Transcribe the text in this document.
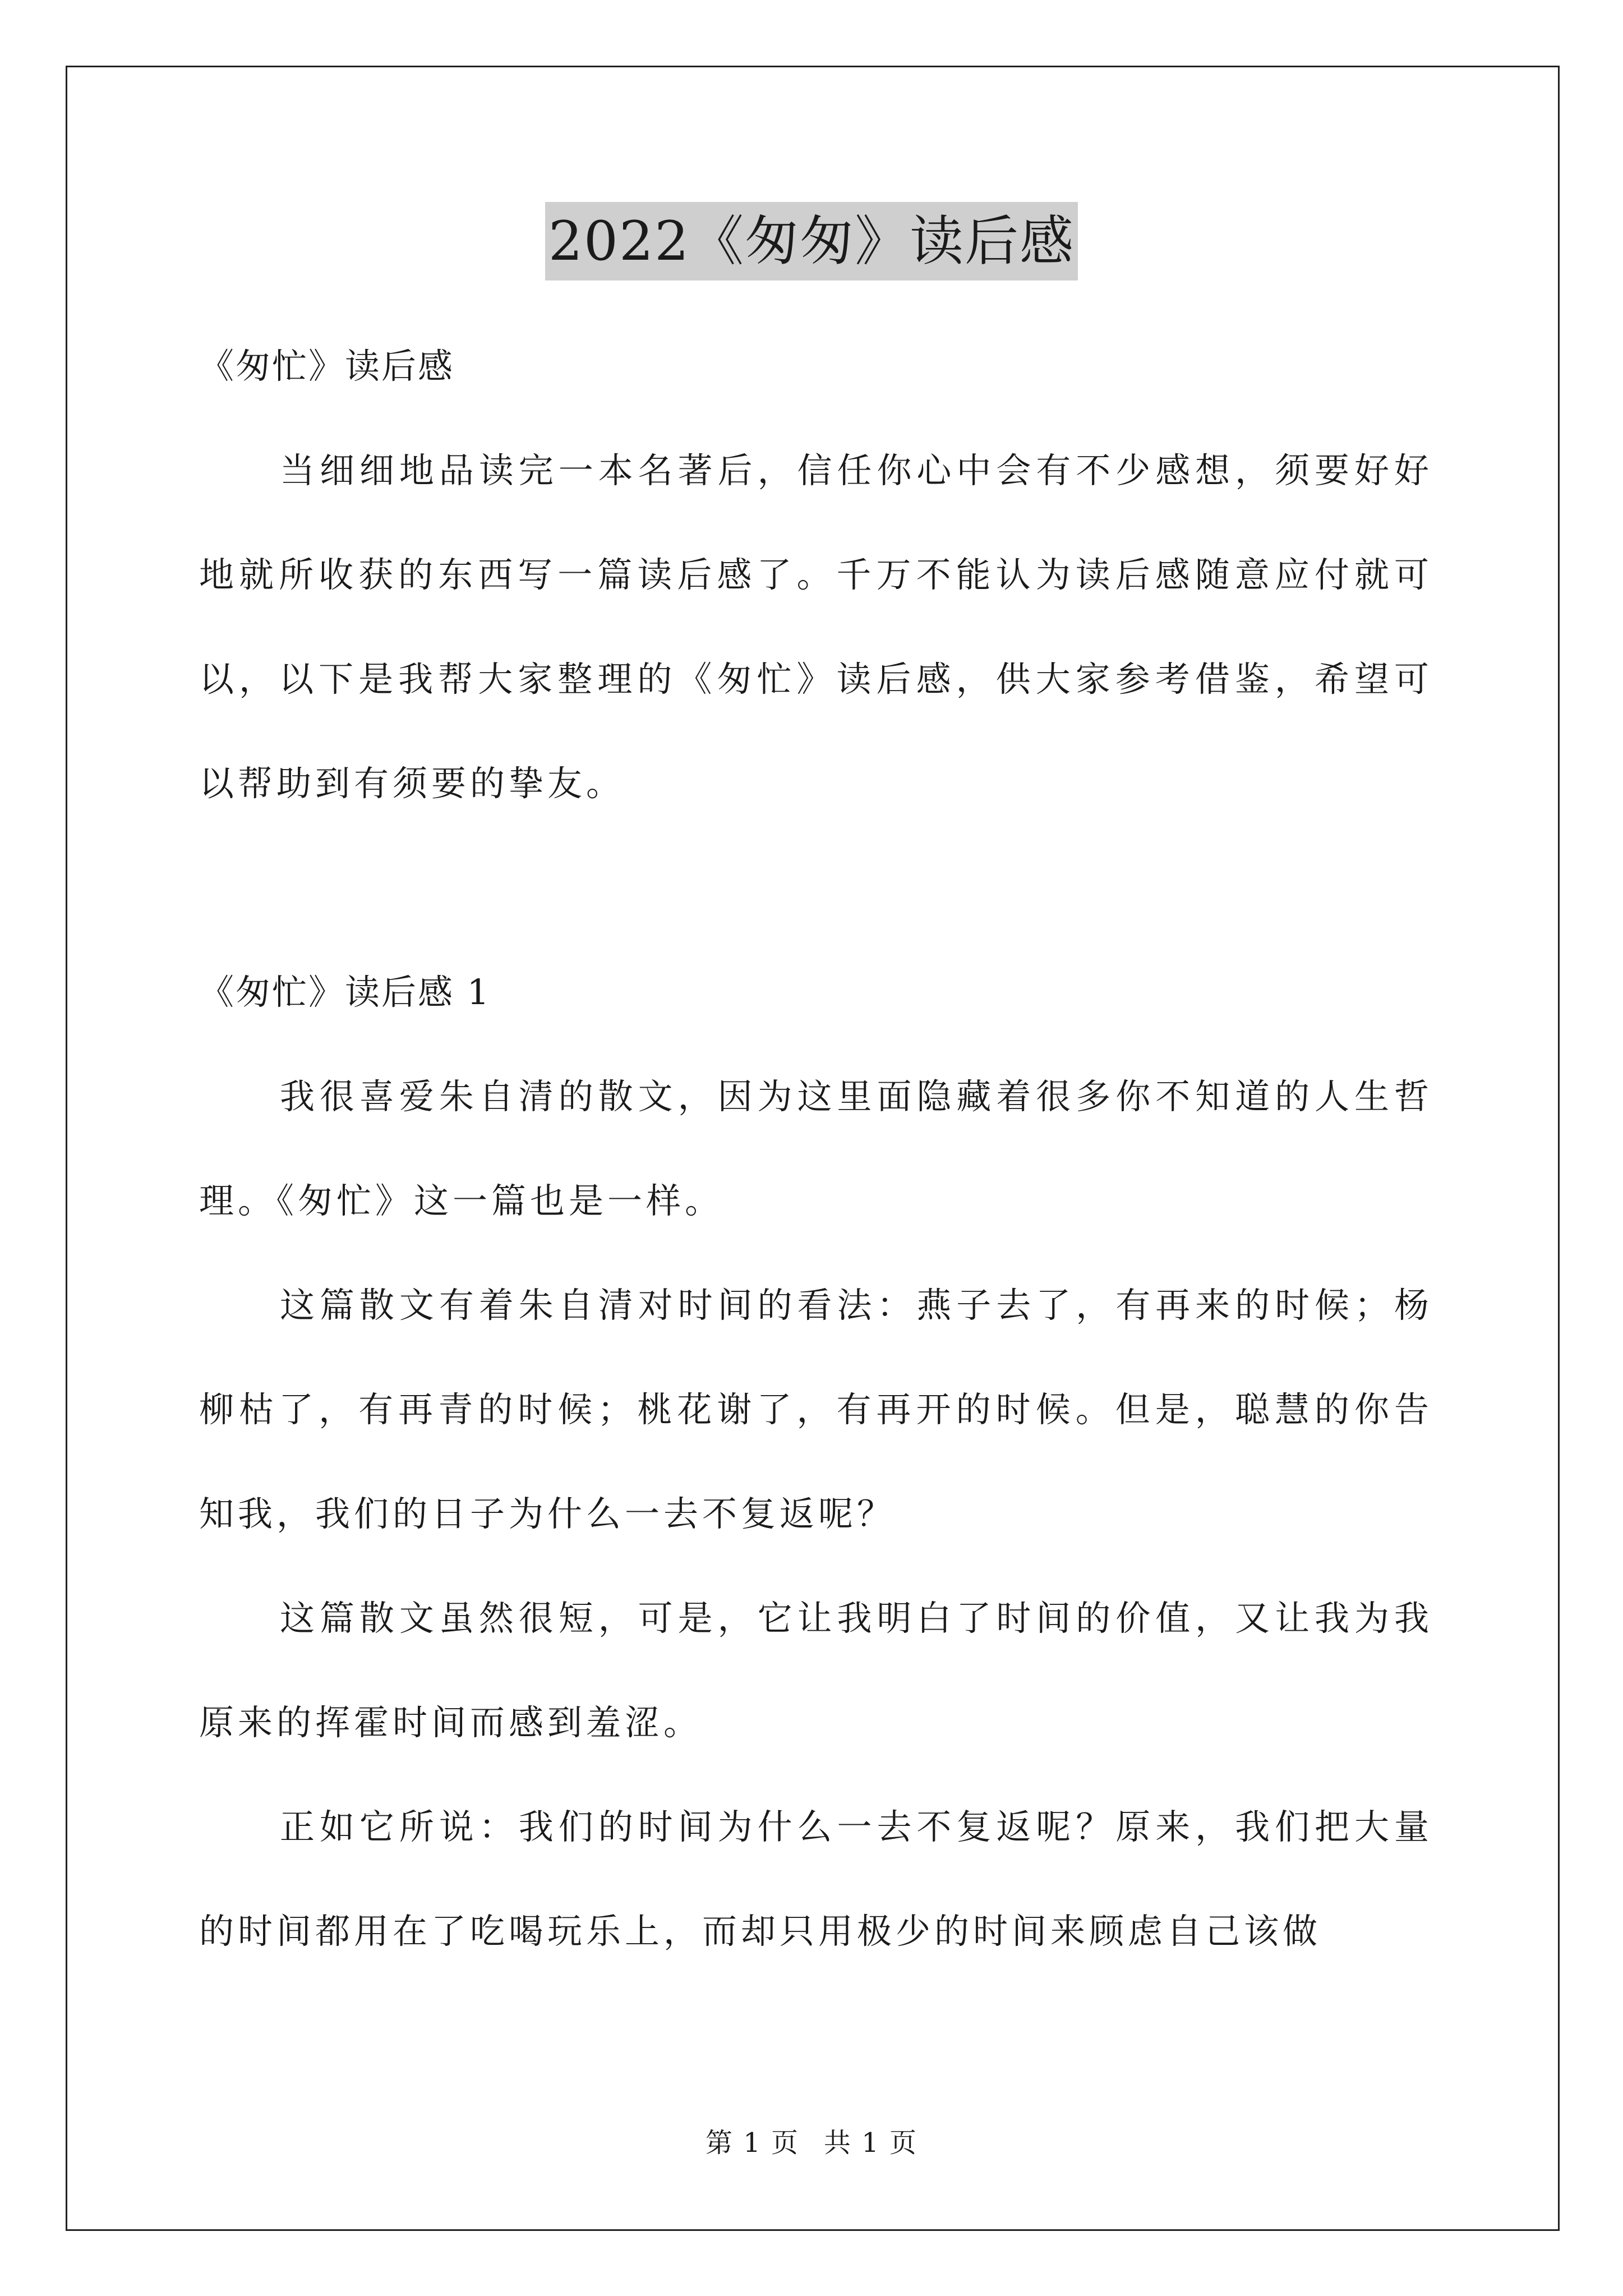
2022《匆匆》读后感

《匆忙》读后感

当细细地品读完一本名著后，信任你心中会有不少感想，须要好好地就所收获的东西写一篇读后感了。千万不能认为读后感随意应付就可以，以下是我帮大家整理的《匆忙》读后感，供大家参考借鉴，希望可以帮助到有须要的挚友。

《匆忙》读后感 1

我很喜爱朱自清的散文，因为这里面隐藏着很多你不知道的人生哲理。《匆忙》这一篇也是一样。

这篇散文有着朱自清对时间的看法：燕子去了，有再来的时候；杨柳枯了，有再青的时候；桃花谢了，有再开的时候。但是，聪慧的你告知我，我们的日子为什么一去不复返呢？

这篇散文虽然很短，可是，它让我明白了时间的价值，又让我为我原来的挥霍时间而感到羞涩。

正如它所说：我们的时间为什么一去不复返呢？原来，我们把大量的时间都用在了吃喝玩乐上，而却只用极少的时间来顾虑自己该做

第 1 页 共 1 页
